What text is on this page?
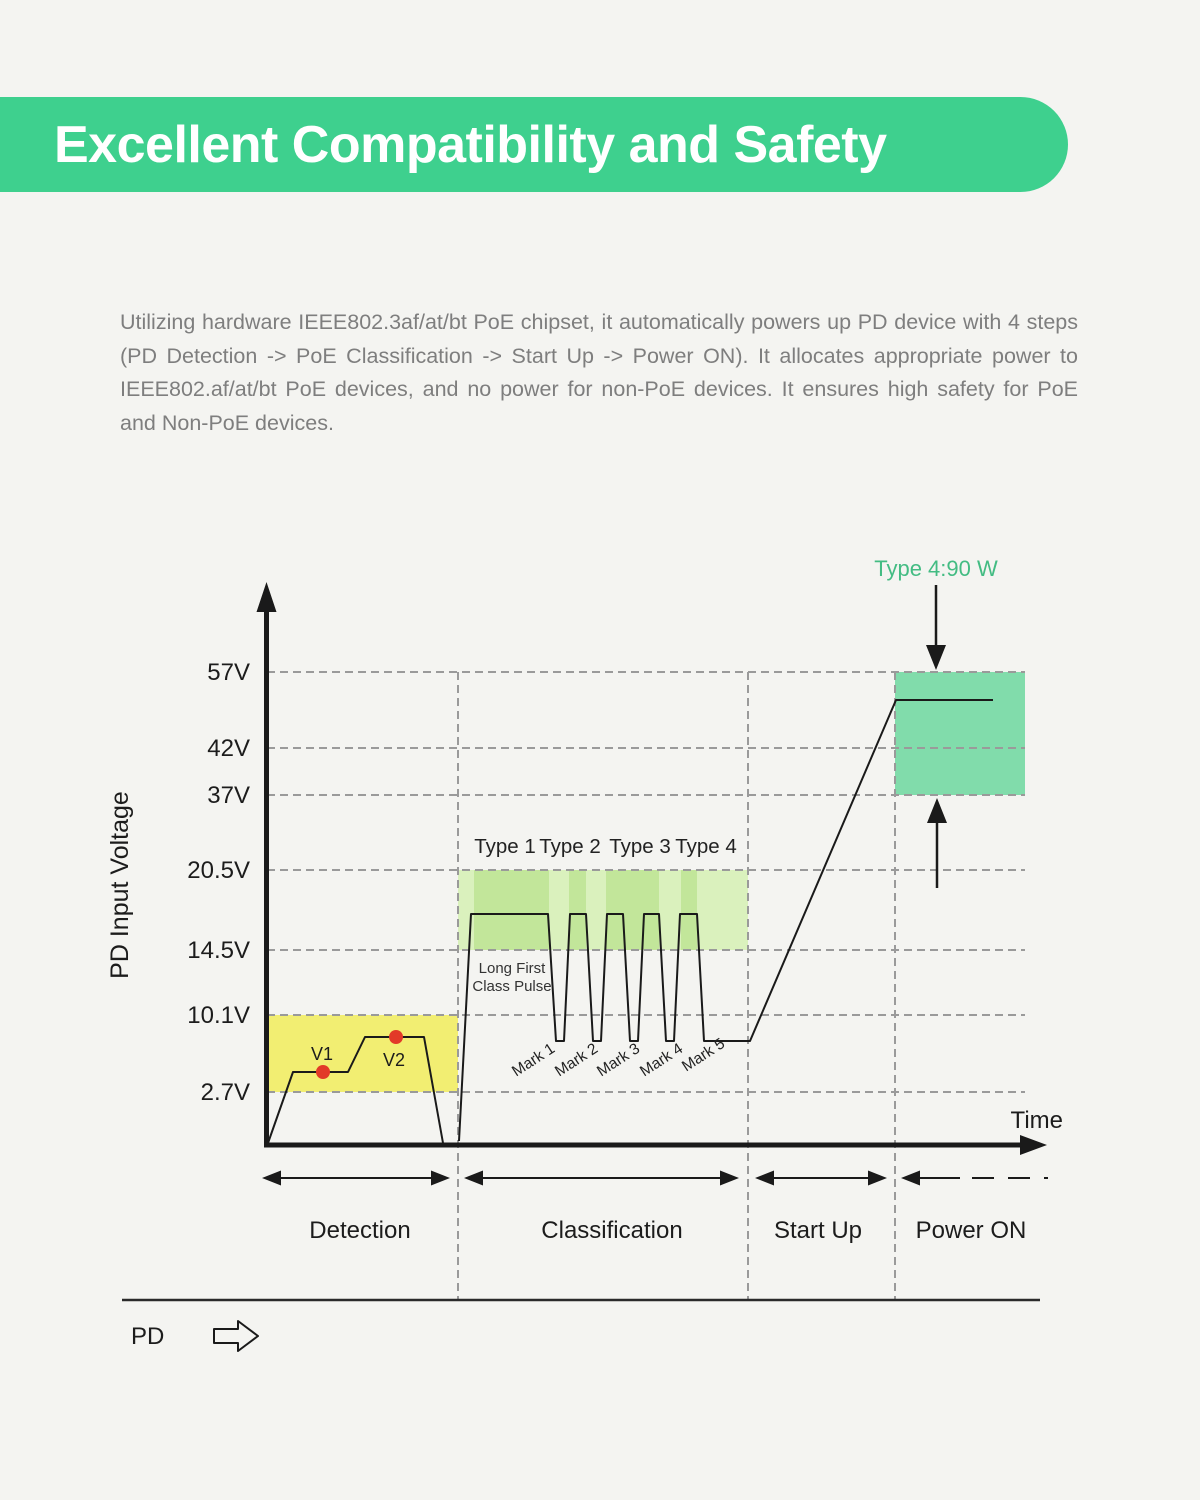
Excellent Compatibility and Safety

Utilizing hardware IEEE802.3af/at/bt PoE chipset, it automatically powers up PD device with 4 steps (PD Detection -> PoE Classification -> Start Up -> Power ON). It allocates appropriate power to IEEE802.af/at/bt PoE devices, and no power for non-PoE devices. It ensures high safety for PoE and Non-PoE devices.

57V
42V
37V
20.5V
14.5V
10.1V
2.7V
PD Input Voltage
Time
Type 4:90 W
Type 1 Type 2 Type 3 Type 4
Long First
Class Pulse
V1	V2	Mark 1
Mark 2
Mark 3
Mark 4
Mark 5
Detection	Classification	Start Up Power ON
PD
